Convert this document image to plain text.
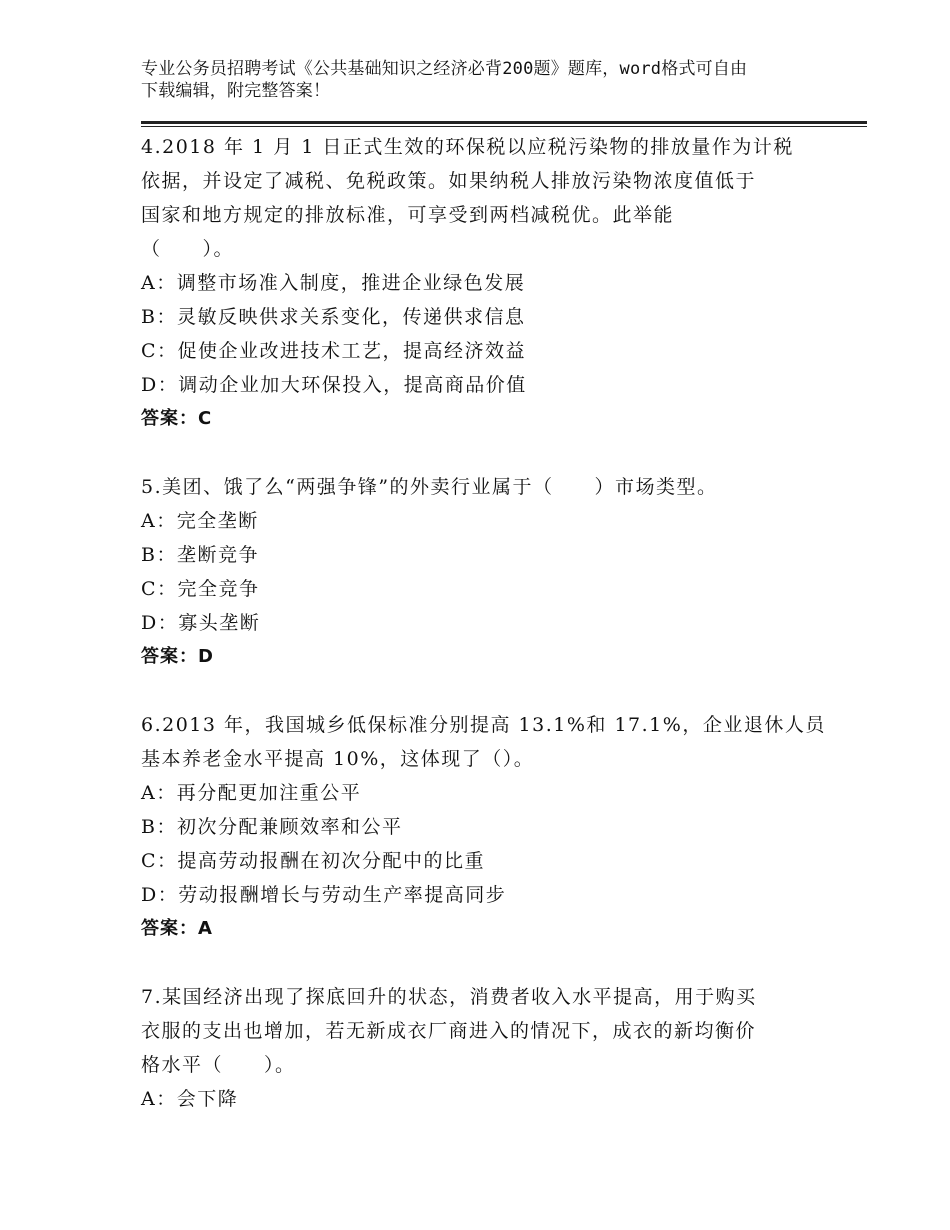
专业公务员招聘考试《公共基础知识之经济必背200题》题库，word格式可自由
下载编辑，附完整答案！
4.2018 年 1 月 1 日正式生效的环保税以应税污染物的排放量作为计税
依据，并设定了减税、免税政策。如果纳税人排放污染物浓度值低于
国家和地方规定的排放标准，可享受到两档减税优。此举能
（　　）。
A：调整市场准入制度，推进企业绿色发展
B：灵敏反映供求关系变化，传递供求信息
C：促使企业改进技术工艺，提高经济效益
D：调动企业加大环保投入，提高商品价值
答案：C
5.美团、饿了么“两强争锋”的外卖行业属于（　　）市场类型。
A：完全垄断
B：垄断竞争
C：完全竞争
D：寡头垄断
答案：D
6.2013 年，我国城乡低保标准分别提高 13.1%和 17.1%，企业退休人员
基本养老金水平提高 10%，这体现了（）。
A：再分配更加注重公平
B：初次分配兼顾效率和公平
C：提高劳动报酬在初次分配中的比重
D：劳动报酬增长与劳动生产率提高同步
答案：A
7.某国经济出现了探底回升的状态，消费者收入水平提高，用于购买
衣服的支出也增加，若无新成衣厂商进入的情况下，成衣的新均衡价
格水平（　　）。
A：会下降
